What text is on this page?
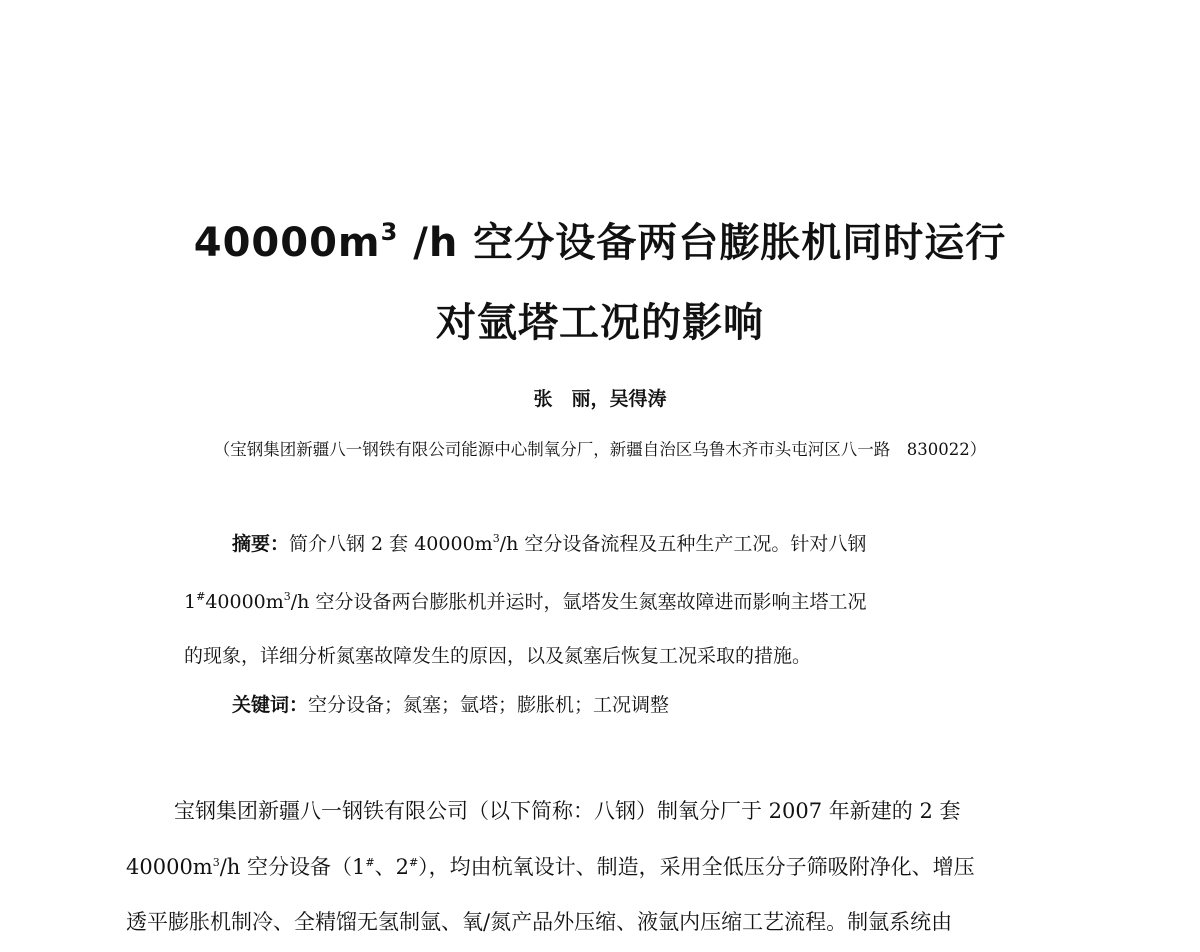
$40000m^3$ /h 空分设备两台膨胀机同时运行
对氩塔工况的影响
张　丽，吴得涛
（宝钢集团新疆八一钢铁有限公司能源中心制氧分厂，新疆自治区乌鲁木齐市头屯河区八一路　830022）
摘要：简介八钢 2 套 $40000m^3/h$ 空分设备流程及五种生产工况。针对八钢
$1^{\#}40000m^3/h$ 空分设备两台膨胀机并运时，氩塔发生氮塞故障进而影响主塔工况
的现象，详细分析氮塞故障发生的原因，以及氮塞后恢复工况采取的措施。
关键词：空分设备；氮塞；氩塔；膨胀机；工况调整
宝钢集团新疆八一钢铁有限公司（以下简称：八钢）制氧分厂于 2007 年新建的 2 套
$40000m^3/h$ 空分设备（1#、2#），均由杭氧设计、制造，采用全低压分子筛吸附净化、增压
透平膨胀机制冷、全精馏无氢制氩、氧/氮产品外压缩、液氩内压缩工艺流程。制氩系统由
